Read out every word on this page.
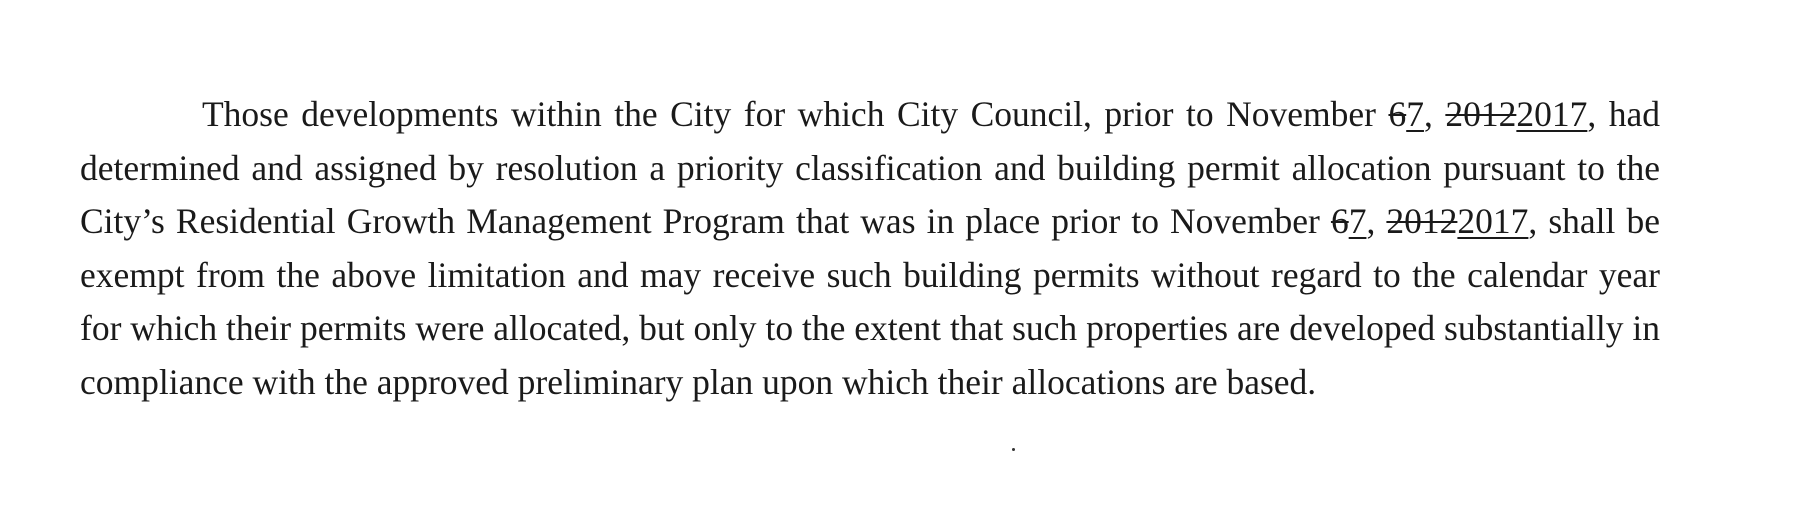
Those developments within the City for which City Council, prior to November 67, 20122017, had determined and assigned by resolution a priority classification and building permit allocation pursuant to the City’s Residential Growth Management Program that was in place prior to November 67, 20122017, shall be exempt from the above limitation and may receive such building permits without regard to the calendar year for which their permits were allocated, but only to the extent that such properties are developed substantially in compliance with the approved preliminary plan upon which their allocations are based.
